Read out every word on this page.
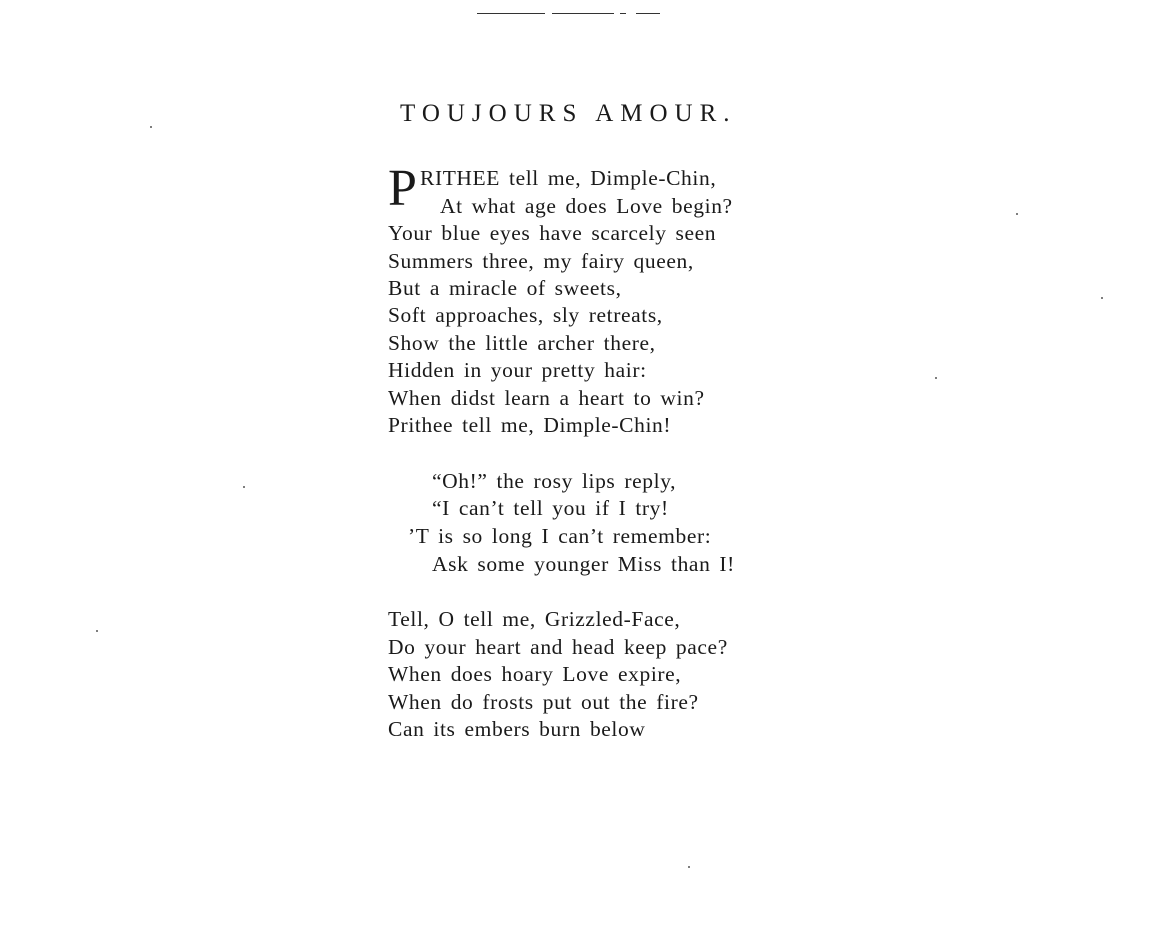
TOUJOURS AMOUR.
P RITHEE tell me, Dimple-Chin,
At what age does Love begin?
Your blue eyes have scarcely seen
Summers three, my fairy queen,
But a miracle of sweets,
Soft approaches, sly retreats,
Show the little archer there,
Hidden in your pretty hair:
When didst learn a heart to win?
Prithee tell me, Dimple-Chin!
“Oh!” the rosy lips reply,
“I can’t tell you if I try!
’T is so long I can’t remember:
Ask some younger Miss than I!
Tell, O tell me, Grizzled-Face,
Do your heart and head keep pace?
When does hoary Love expire,
When do frosts put out the fire?
Can its embers burn below
